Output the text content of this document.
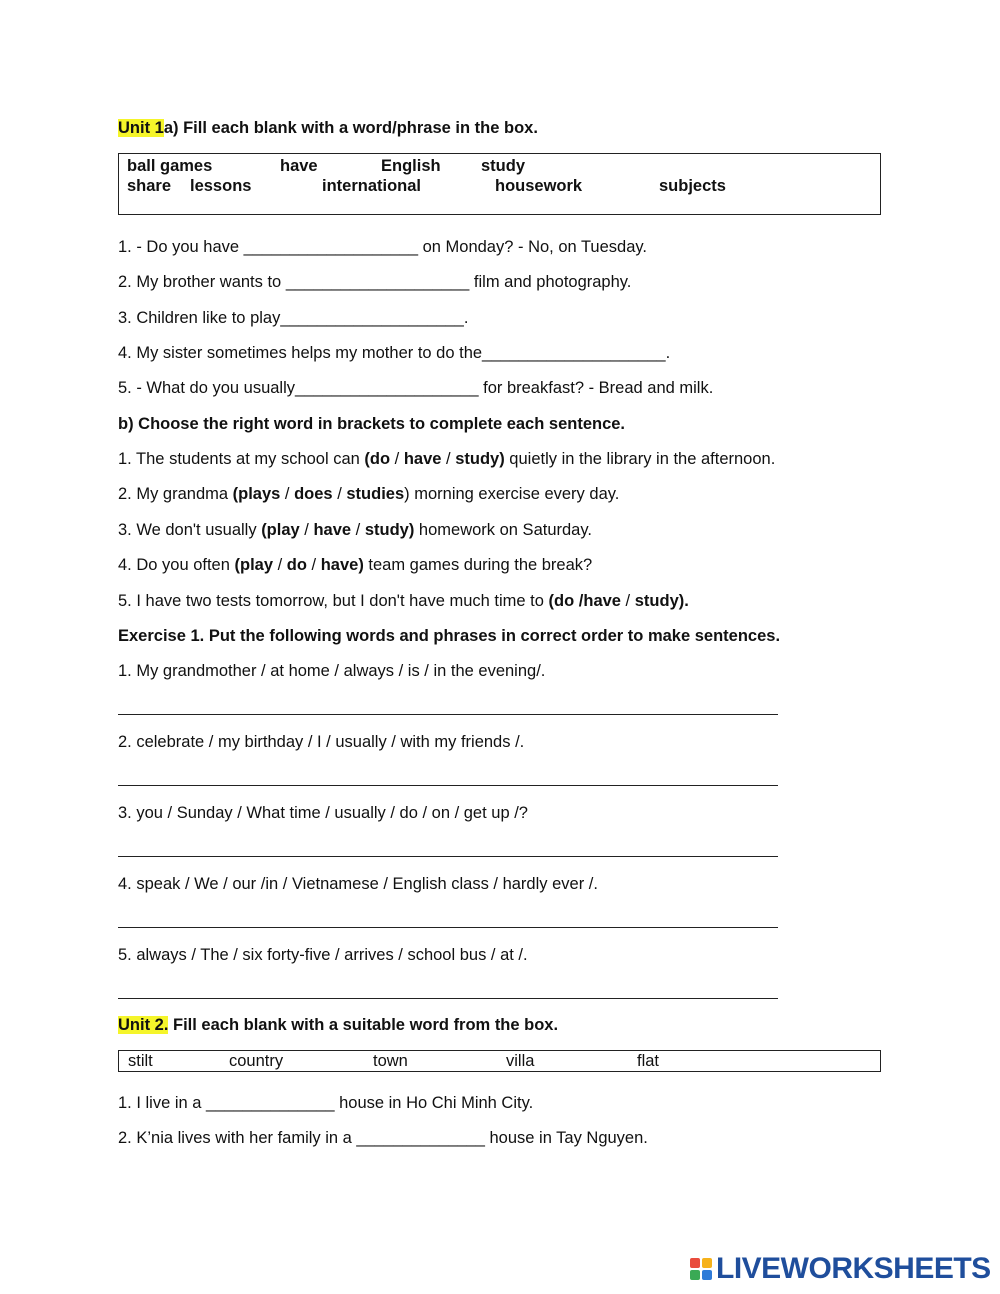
Unit 1a) Fill each blank with a word/phrase in the box.

ball games	have	English study
share lessons	international	housework	subjects

1. - Do you have ___________________ on Monday? - No, on Tuesday.

2. My brother wants to ____________________ film and photography.

3. Children like to play____________________.

4. My sister sometimes helps my mother to do the____________________.

5. - What do you usually____________________ for breakfast? - Bread and milk.

b) Choose the right word in brackets to complete each sentence.

1. The students at my school can (do / have / study) quietly in the library in the afternoon.

2. My grandma (plays / does / studies) morning exercise every day.

3. We don't usually (play / have / study) homework on Saturday.

4. Do you often (play / do / have) team games during the break?

5. I have two tests tomorrow, but I don't have much time to (do /have / study).

Exercise 1. Put the following words and phrases in correct order to make sentences.

1. My grandmother / at home / always / is / in the evening/.

2. celebrate / my birthday / I / usually / with my friends /.

3. you / Sunday / What time / usually / do / on / get up /?

4. speak / We / our /in / Vietnamese / English class / hardly ever /.

5. always / The / six forty-five / arrives / school bus / at /.

Unit 2. Fill each blank with a suitable word from the box.

stilt	country	town	villa	flat

1. I live in a ______________ house in Ho Chi Minh City.

2. K’nia lives with her family in a ______________ house in Tay Nguyen.

LIVEWORKSHEETS
